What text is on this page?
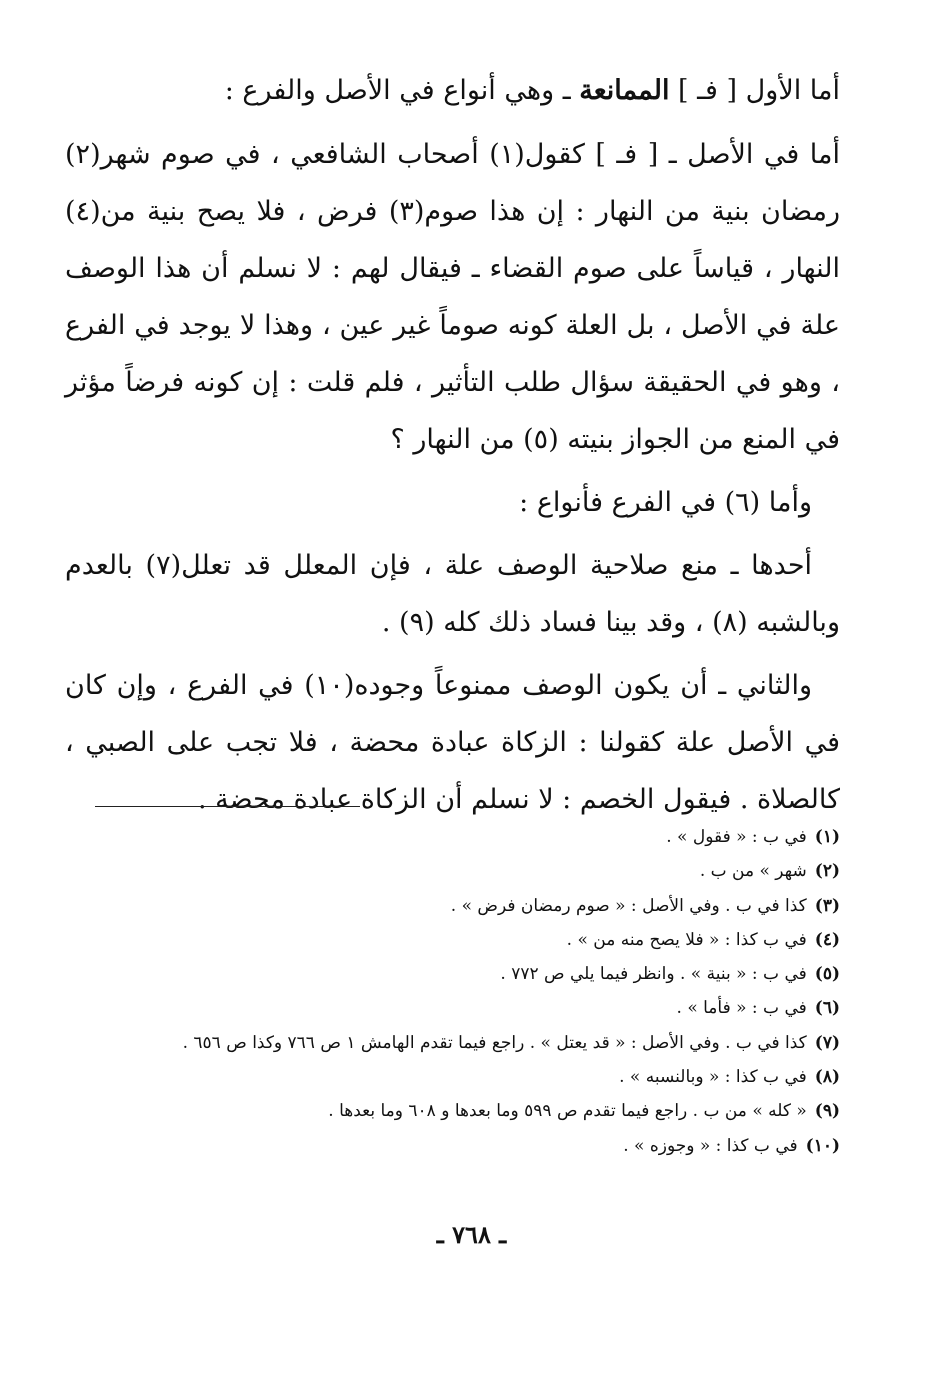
أما الأول [ فـ ] الممانعة ـ وهي أنواع في الأصل والفرع :

أما في الأصل ـ [ فـ ] كقول(١) أصحاب الشافعي ، في صوم شهر(٢) رمضان بنية من النهار : إن هذا صوم(٣) فرض ، فلا يصح بنية من(٤) النهار ، قياساً على صوم القضاء ـ فيقال لهم : لا نسلم أن هذا الوصف علة في الأصل ، بل العلة كونه صوماً غير عين ، وهذا لا يوجد في الفرع ، وهو في الحقيقة سؤال طلب التأثير ، فلم قلت : إن كونه فرضاً مؤثر في المنع من الجواز بنيته (٥) من النهار ؟

وأما (٦) في الفرع فأنواع :

أحدها ـ منع صلاحية الوصف علة ، فإن المعلل قد تعلل(٧) بالعدم وبالشبه (٨) ، وقد بينا فساد ذلك كله (٩) .

والثاني ـ أن يكون الوصف ممنوعاً وجوده(١٠) في الفرع ، وإن كان في الأصل علة كقولنا : الزكاة عبادة محضة ، فلا تجب على الصبي ، كالصلاة . فيقول الخصم : لا نسلم أن الزكاة عبادة محضة .

(١)في ب : « فقول » .
(٢)شهر » من ب .
(٣)كذا في ب . وفي الأصل : « صوم رمضان فرض » .
(٤)في ب كذا : « فلا يصح منه من » .
(٥)في ب : « بنية » . وانظر فيما يلي ص ٧٧٢ .
(٦)في ب : « فأما » .
(٧)كذا في ب . وفي الأصل : « قد يعتل » . راجع فيما تقدم الهامش ١ ص ٧٦٦ وكذا ص ٦٥٦ .
(٨)في ب كذا : « وبالنسبه » .
(٩)« كله » من ب . راجع فيما تقدم ص ٥٩٩ وما بعدها و ٦٠٨ وما بعدها .
(١٠)في ب كذا : « وجوزه » .
ـ ٧٦٨ ـ
